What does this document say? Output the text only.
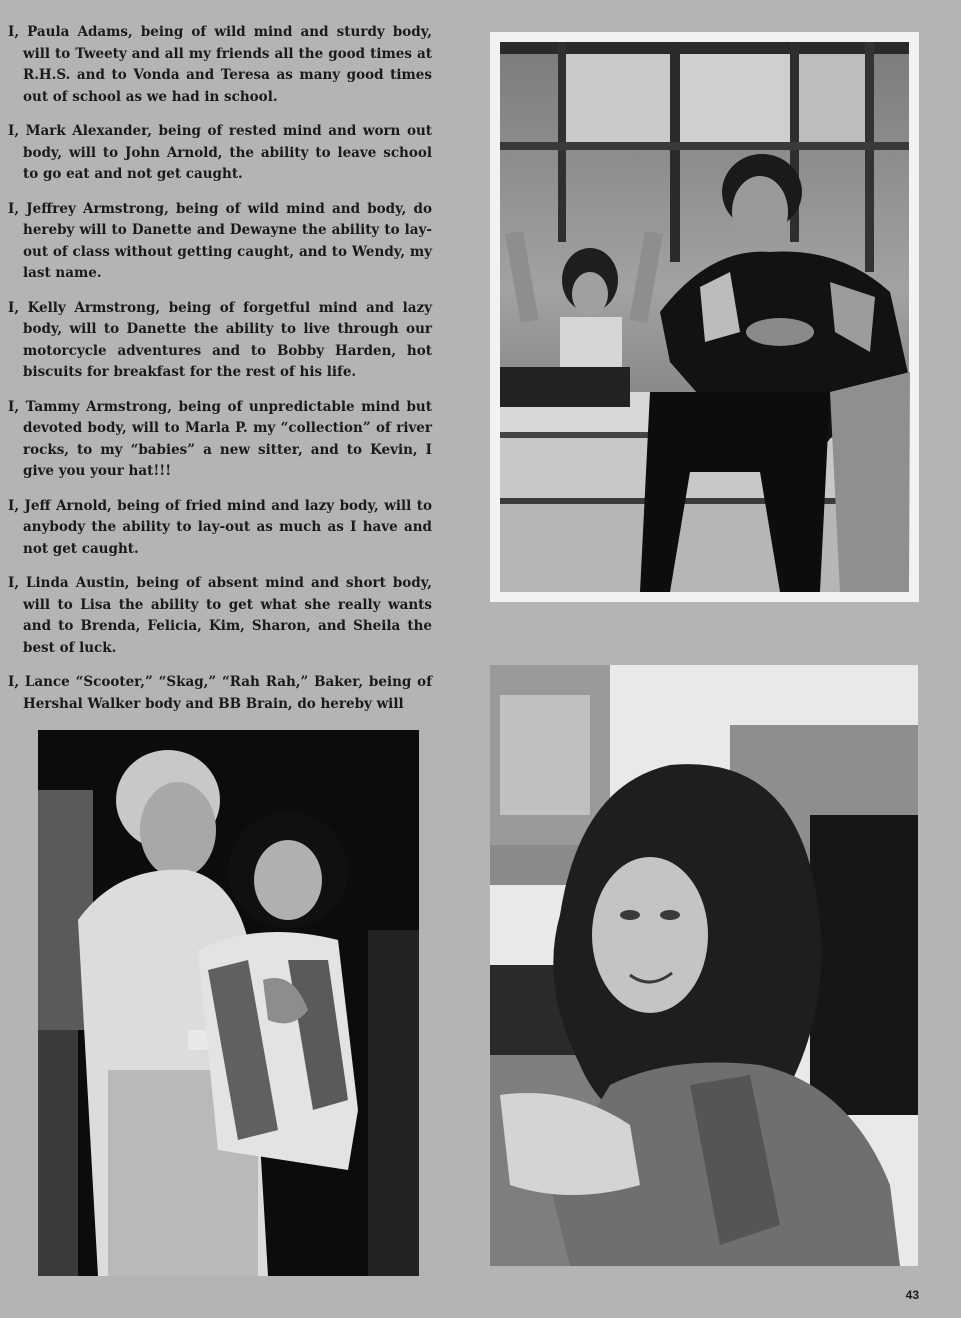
I, Paula Adams, being of wild mind and sturdy body, will to Tweety and all my friends all the good times at R.H.S. and to Vonda and Teresa as many good times out of school as we had in school.

I, Mark Alexander, being of rested mind and worn out body, will to John Arnold, the ability to leave school to go eat and not get caught.

I, Jeffrey Armstrong, being of wild mind and body, do hereby will to Danette and Dewayne the ability to lay-out of class without getting caught, and to Wendy, my last name.

I, Kelly Armstrong, being of forgetful mind and lazy body, will to Danette the ability to live through our motorcycle adventures and to Bobby Harden, hot biscuits for breakfast for the rest of his life.

I, Tammy Armstrong, being of unpredictable mind but devoted body, will to Marla P. my “collection” of river rocks, to my “babies” a new sitter, and to Kevin, I give you your hat!!!

I, Jeff Arnold, being of fried mind and lazy body, will to anybody the ability to lay-out as much as I have and not get caught.

I, Linda Austin, being of absent mind and short body, will to Lisa the ability to get what she really wants and to Brenda, Felicia, Kim, Sharon, and Sheila the best of luck.

I, Lance “Scooter,” “Skag,” “Rah Rah,” Baker, being of Hershal Walker body and BB Brain, do hereby will

43
